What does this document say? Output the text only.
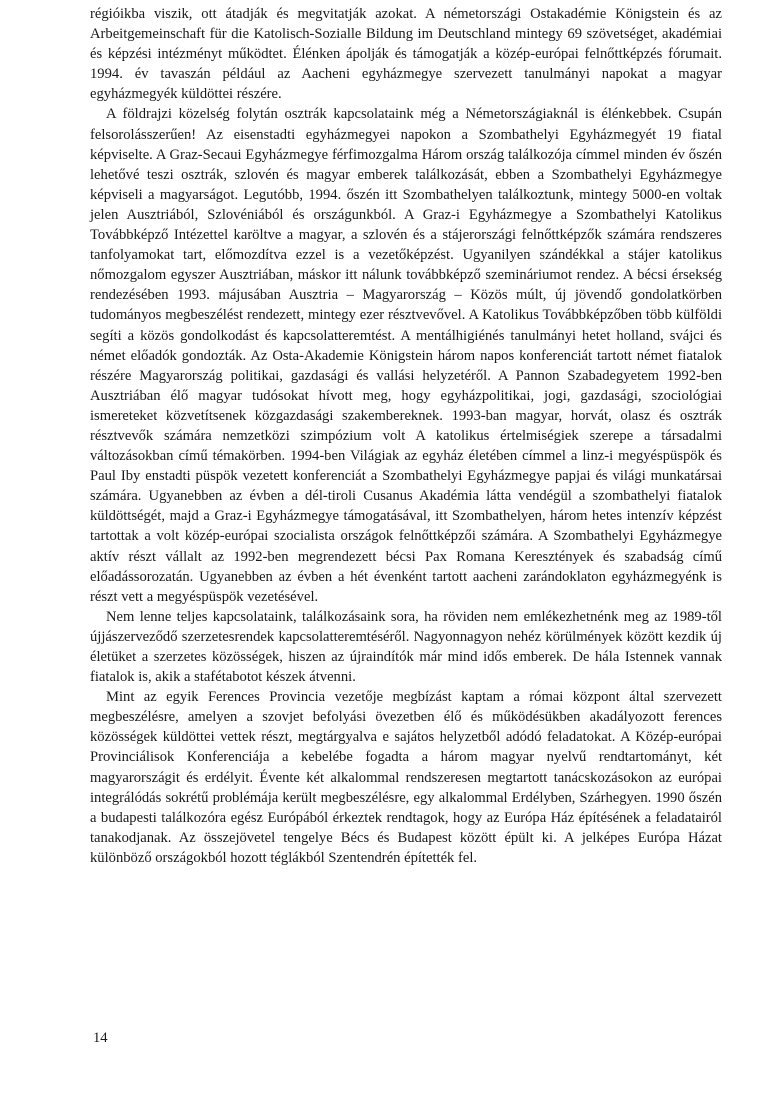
régióikba viszik, ott átadják és megvitatják azokat. A németországi Ostakadémie Königstein és az Arbeitgemeinschaft für die Katolisch-Sozialle Bildung im Deutschland mintegy 69 szövetséget, akadémiai és képzési intézményt működtet. Élénken ápolják és támogatják a közép-európai felnőttképzés fórumait. 1994. év tavaszán például az Aacheni egyházmegye szervezett tanulmányi napokat a magyar egyházmegyék küldöttei részére.

A földrajzi közelség folytán osztrák kapcsolataink még a Németországiaknál is élénkebbek. Csupán felsorolásszerűen! Az eisenstadti egyházmegyei napokon a Szombathelyi Egyházmegyét 19 fiatal képviselte. A Graz-Secaui Egyházmegye férfimozgalma Három ország találkozója címmel minden év őszén lehetővé teszi osztrák, szlovén és magyar emberek találkozását, ebben a Szombathelyi Egyházmegye képviseli a magyarságot. Legutóbb, 1994. őszén itt Szombathelyen találkoztunk, mintegy 5000-en voltak jelen Ausztriából, Szlovéniából és országunkból. A Graz-i Egyházmegye a Szombathelyi Katolikus Továbbképző Intézettel karöltve a magyar, a szlovén és a stájerországi felnőttképzők számára rendszeres tanfolyamokat tart, előmozdítva ezzel is a vezetőképzést. Ugyanilyen szándékkal a stájer katolikus nőmozgalom egyszer Ausztriában, máskor itt nálunk továbbképző szemináriumot rendez. A bécsi érsekség rendezésében 1993. májusában Ausztria – Magyarország – Közös múlt, új jövendő gondolatkörben tudományos megbeszélést rendezett, mintegy ezer résztvevővel. A Katolikus Továbbképzőben több külföldi segíti a közös gondolkodást és kapcsolatteremtést. A mentálhigiénés tanulmányi hetet holland, svájci és német előadók gondozták. Az Osta-Akademie Königstein három napos konferenciát tartott német fiatalok részére Magyarország politikai, gazdasági és vallási helyzetéről. A Pannon Szabadegyetem 1992-ben Ausztriában élő magyar tudósokat hívott meg, hogy egyházpolitikai, jogi, gazdasági, szociológiai ismereteket közvetítsenek közgazdasági szakembereknek. 1993-ban magyar, horvát, olasz és osztrák résztvevők számára nemzetközi szimpózium volt A katolikus értelmiségiek szerepe a társadalmi változásokban című témakörben. 1994-ben Világiak az egyház életében címmel a linz-i megyéspüspök és Paul Iby enstadti püspök vezetett konferenciát a Szombathelyi Egyházmegye papjai és világi munkatársai számára. Ugyanebben az évben a dél-tiroli Cusanus Akadémia látta vendégül a szombathelyi fiatalok küldöttségét, majd a Graz-i Egyházmegye támogatásával, itt Szombathelyen, három hetes intenzív képzést tartottak a volt közép-európai szocialista országok felnőttképzői számára. A Szombathelyi Egyházmegye aktív részt vállalt az 1992-ben megrendezett bécsi Pax Romana Keresztények és szabadság című előadássorozatán. Ugyanebben az évben a hét évenként tartott aacheni zarándoklaton egyházmegyénk is részt vett a megyéspüspök vezetésével.

Nem lenne teljes kapcsolataink, találkozásaink sora, ha röviden nem emlékezhetnénk meg az 1989-től újjászerveződő szerzetesrendek kapcsolatteremtéséről. Nagyonnagyon nehéz körülmények között kezdik új életüket a szerzetes közösségek, hiszen az újraindítók már mind idős emberek. De hála Istennek vannak fiatalok is, akik a stafétabotot készek átvenni.

Mint az egyik Ferences Provincia vezetője megbízást kaptam a római központ által szervezett megbeszélésre, amelyen a szovjet befolyási övezetben élő és működésükben akadályozott ferences közösségek küldöttei vettek részt, megtárgyalva e sajátos helyzetből adódó feladatokat. A Közép-európai Provinciálisok Konferenciája a kebelébe fogadta a három magyar nyelvű rendtartományt, két magyarországit és erdélyit. Évente két alkalommal rendszeresen megtartott tanácskozásokon az európai integrálódás sokrétű problémája került megbeszélésre, egy alkalommal Erdélyben, Szárhegyen. 1990 őszén a budapesti találkozóra egész Európából érkeztek rendtagok, hogy az Európa Ház építésének a feladatairól tanakodjanak. Az összejövetel tengelye Bécs és Budapest között épült ki. A jelképes Európa Házat különböző országokból hozott téglákból Szentendrén építették fel.

14
